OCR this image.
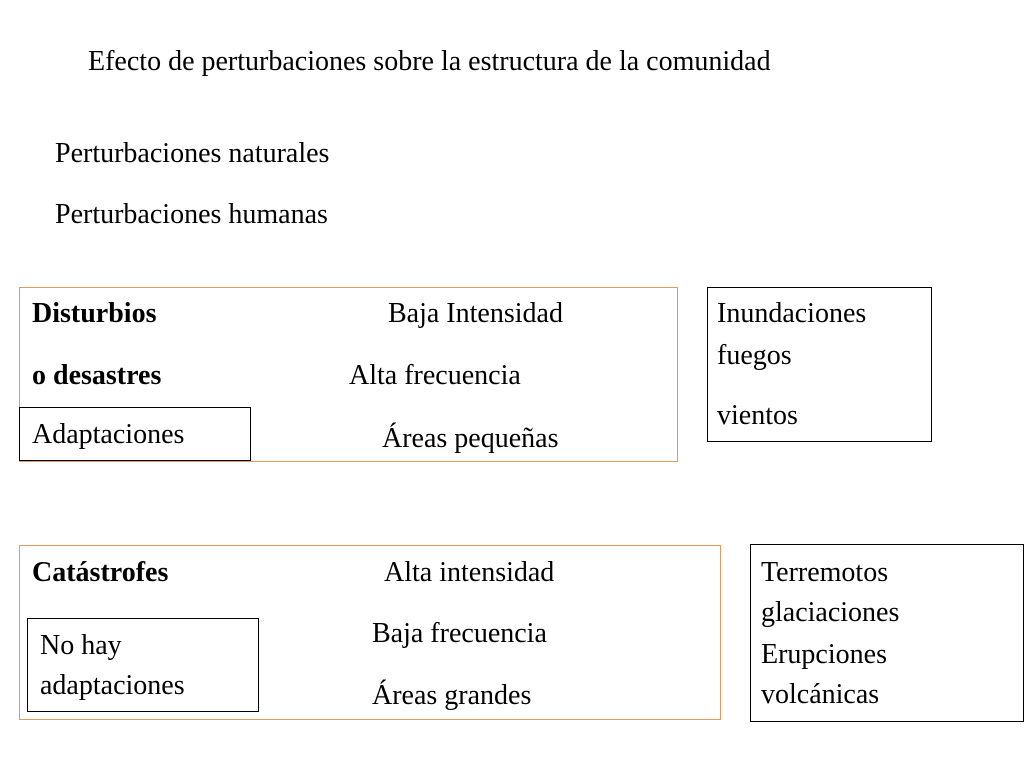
Efecto de perturbaciones sobre la estructura de la comunidad
Perturbaciones naturales
Perturbaciones humanas
Disturbios
o desastres
Baja Intensidad
Alta frecuencia
Áreas pequeñas
Adaptaciones
Inundaciones
fuegos
vientos
Catástrofes	Alta intensidad
Baja frecuencia
Áreas grandes
No hay
adaptaciones
Terremotos
glaciaciones
Erupciones
volcánicas
